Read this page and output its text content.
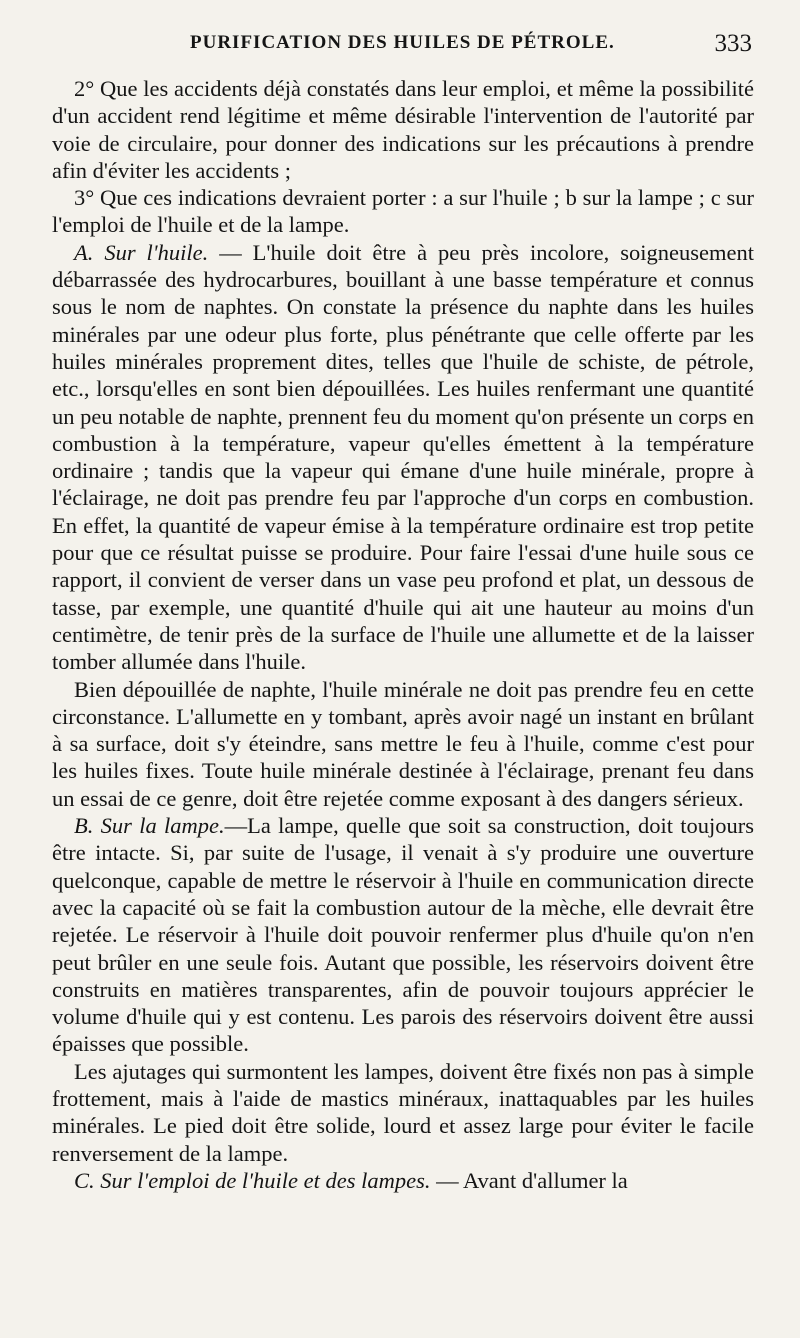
PURIFICATION DES HUILES DE PÉTROLE.	333

2° Que les accidents déjà constatés dans leur emploi, et même la possibilité d'un accident rend légitime et même désirable l'intervention de l'autorité par voie de circulaire, pour donner des indications sur les précautions à prendre afin d'éviter les accidents ;

3° Que ces indications devraient porter : a sur l'huile ; b sur la lampe ; c sur l'emploi de l'huile et de la lampe.

A. Sur l'huile. — L'huile doit être à peu près incolore, soigneusement débarrassée des hydrocarbures, bouillant à une basse température et connus sous le nom de naphtes. On constate la présence du naphte dans les huiles minérales par une odeur plus forte, plus pénétrante que celle offerte par les huiles minérales proprement dites, telles que l'huile de schiste, de pétrole, etc., lorsqu'elles en sont bien dépouillées. Les huiles renfermant une quantité un peu notable de naphte, prennent feu du moment qu'on présente un corps en combustion à la température, vapeur qu'elles émettent à la température ordinaire ; tandis que la vapeur qui émane d'une huile minérale, propre à l'éclairage, ne doit pas prendre feu par l'approche d'un corps en combustion. En effet, la quantité de vapeur émise à la température ordinaire est trop petite pour que ce résultat puisse se produire. Pour faire l'essai d'une huile sous ce rapport, il convient de verser dans un vase peu profond et plat, un dessous de tasse, par exemple, une quantité d'huile qui ait une hauteur au moins d'un centimètre, de tenir près de la surface de l'huile une allumette et de la laisser tomber allumée dans l'huile.

Bien dépouillée de naphte, l'huile minérale ne doit pas prendre feu en cette circonstance. L'allumette en y tombant, après avoir nagé un instant en brûlant à sa surface, doit s'y éteindre, sans mettre le feu à l'huile, comme c'est pour les huiles fixes. Toute huile minérale destinée à l'éclairage, prenant feu dans un essai de ce genre, doit être rejetée comme exposant à des dangers sérieux.

B. Sur la lampe.—La lampe, quelle que soit sa construction, doit toujours être intacte. Si, par suite de l'usage, il venait à s'y produire une ouverture quelconque, capable de mettre le réservoir à l'huile en communication directe avec la capacité où se fait la combustion autour de la mèche, elle devrait être rejetée. Le réservoir à l'huile doit pouvoir renfermer plus d'huile qu'on n'en peut brûler en une seule fois. Autant que possible, les réservoirs doivent être construits en matières transparentes, afin de pouvoir toujours apprécier le volume d'huile qui y est contenu. Les parois des réservoirs doivent être aussi épaisses que possible.

Les ajutages qui surmontent les lampes, doivent être fixés non pas à simple frottement, mais à l'aide de mastics minéraux, inattaquables par les huiles minérales. Le pied doit être solide, lourd et assez large pour éviter le facile renversement de la lampe.

C. Sur l'emploi de l'huile et des lampes. — Avant d'allumer la
